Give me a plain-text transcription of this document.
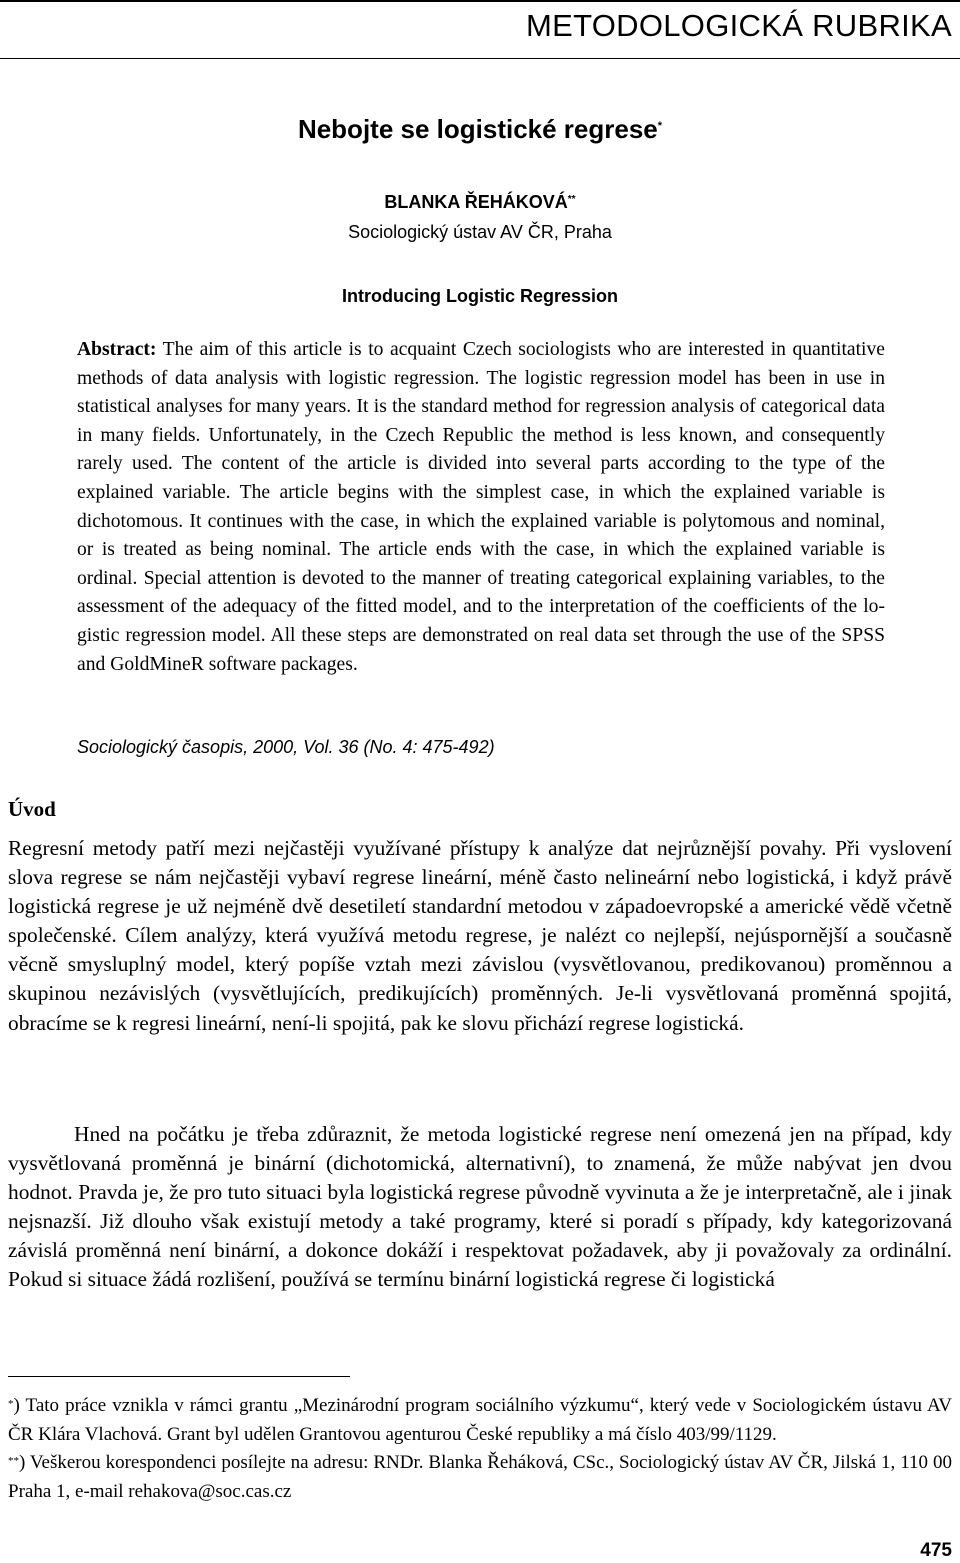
METODOLOGICKÁ RUBRIKA
Nebojte se logistické regrese*
BLANKA ŘEHÁKOVÁ**
Sociologický ústav AV ČR, Praha
Introducing Logistic Regression
Abstract: The aim of this article is to acquaint Czech sociologists who are interested in quantitative methods of data analysis with logistic regression. The logistic regression model has been in use in statistical analyses for many years. It is the standard method for regression analysis of categorical data in many fields. Unfortunately, in the Czech Republic the method is less known, and consequently rarely used. The content of the article is divided into several parts according to the type of the explained variable. The article begins with the simplest case, in which the explained variable is dichotomous. It continues with the case, in which the explained variable is polytomous and nominal, or is treated as being nominal. The article ends with the case, in which the explained variable is ordinal. Special attention is devoted to the manner of treating categorical explaining variables, to the assessment of the adequacy of the fitted model, and to the interpretation of the coefficients of the logistic regression model. All these steps are demonstrated on real data set through the use of the SPSS and GoldMineR software packages.
Sociologický časopis, 2000, Vol. 36 (No. 4: 475-492)
Úvod

Regresní metody patří mezi nejčastěji využívané přístupy k analýze dat nejrůznější povahy. Při vyslovení slova regrese se nám nejčastěji vybaví regrese lineární, méně často nelineární nebo logistická, i když právě logistická regrese je už nejméně dvě desetiletí standardní metodou v západoevropské a americké vědě včetně společenské. Cílem analýzy, která využívá metodu regrese, je nalézt co nejlepší, nejúspornější a současně věcně smysluplný model, který popíše vztah mezi závislou (vysvětlovanou, predikovanou) proměnnou a skupinou nezávislých (vysvětlujících, predikujících) proměnných. Je-li vysvětlovaná proměnná spojitá, obracíme se k regresi lineární, není-li spojitá, pak ke slovu přichází regrese logistická.

Hned na počátku je třeba zdůraznit, že metoda logistické regrese není omezená jen na případ, kdy vysvětlovaná proměnná je binární (dichotomická, alternativní), to znamená, že může nabývat jen dvou hodnot. Pravda je, že pro tuto situaci byla logistická regrese původně vyvinuta a že je interpretačně, ale i jinak nejsnazší. Již dlouho však existují metody a také programy, které si poradí s případy, kdy kategorizovaná závislá proměnná není binární, a dokonce dokáží i respektovat požadavek, aby ji považovaly za ordinální. Pokud si situace žádá rozlišení, používá se termínu binární logistická regrese či logistická

*) Tato práce vznikla v rámci grantu „Mezinárodní program sociálního výzkumu“, který vede v Sociologickém ústavu AV ČR Klára Vlachová. Grant byl udělen Grantovou agenturou České republiky a má číslo 403/99/1129.

**) Veškerou korespondenci posílejte na adresu: RNDr. Blanka Řeháková, CSc., Sociologický ústav AV ČR, Jilská 1, 110 00 Praha 1, e-mail rehakova@soc.cas.cz

475
